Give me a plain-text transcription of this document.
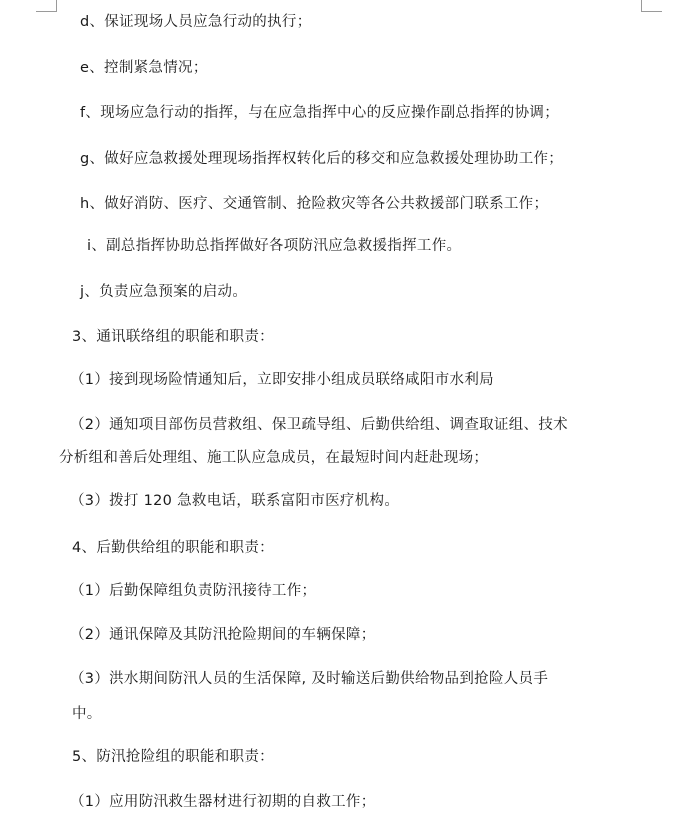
d、保证现场人员应急行动的执行；
e、控制紧急情况；
f、现场应急行动的指挥，与在应急指挥中心的反应操作副总指挥的协调；
g、做好应急救援处理现场指挥权转化后的移交和应急救援处理协助工作；
h、做好消防、医疗、交通管制、抢险救灾等各公共救援部门联系工作；
i、副总指挥协助总指挥做好各项防汛应急救援指挥工作。
j、负责应急预案的启动。
3、通讯联络组的职能和职责：
（1）接到现场险情通知后，立即安排小组成员联络咸阳市水利局
（2）通知项目部伤员营救组、保卫疏导组、后勤供给组、调查取证组、技术
分析组和善后处理组、施工队应急成员，在最短时间内赶赴现场；
（3）拨打 120 急救电话，联系富阳市医疗机构。
4、后勤供给组的职能和职责：
（1）后勤保障组负责防汛接待工作；
（2）通讯保障及其防汛抢险期间的车辆保障；
（3）洪水期间防汛人员的生活保障, 及时输送后勤供给物品到抢险人员手
中。
5、防汛抢险组的职能和职责：
（1）应用防汛救生器材进行初期的自救工作；
